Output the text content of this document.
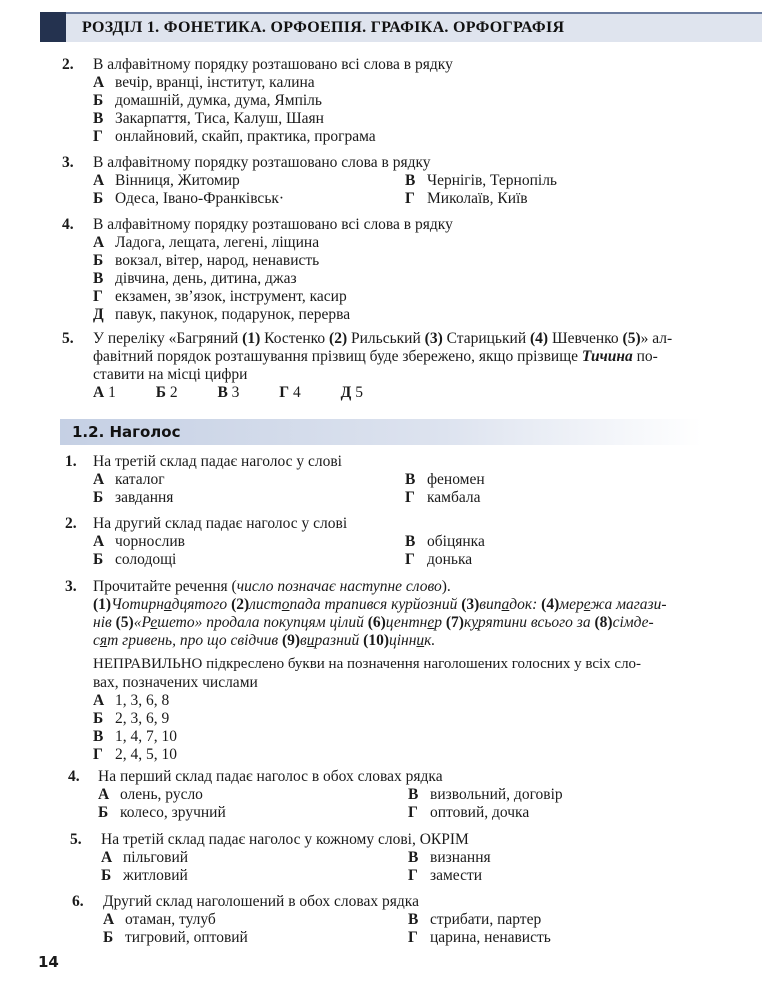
РОЗДІЛ 1. ФОНЕТИКА. ОРФОЕПІЯ. ГРАФІКА. ОРФОГРАФІЯ
2. В алфавітному порядку розташовано всі слова в рядку
А вечір, вранці, інститут, калина
Б домашній, думка, дума, Ямпіль
В Закарпаття, Тиса, Калуш, Шаян
Г онлайновий, скайп, практика, програма
3. В алфавітному порядку розташовано слова в рядку
А Вінниця, Житомир	В Чернігів, Тернопіль
Б Одеса, Івано-Франківськ·	Г Миколаїв, Київ
4. В алфавітному порядку розташовано всі слова в рядку
А Ладога, лещата, легені, ліщина
Б вокзал, вітер, народ, ненависть
В дівчина, день, дитина, джаз
Г екзамен, зв’язок, інструмент, касир
Д павук, пакунок, подарунок, перерва
5. У переліку «Багряний (1) Костенко (2) Рильський (3) Старицький (4) Шевченко (5)» ал-
фавітний порядок розташування прізвищ буде збережено, якщо прізвище Тичина по-
ставити на місці цифри
А 1	Б 2	В 3	Г 4	Д 5
1.2. Наголос
1. На третій склад падає наголос у слові
А каталог	В феномен
Б завдання	Г камбала
2. На другий склад падає наголос у слові
А чорнослив	В обіцянка
Б солодощі	Г донька
3. Прочитайте речення (число позначає наступне слово).
(1)Чотирнадцятого (2)листопада трапився курйозний (3)випадок: (4)мережа магази-
нів (5)«Решето» продала покупцям цілий (6)центнер (7)курятини всього за (8)сімде-
сят гривень, про що свідчив (9)виразний (10)цінник.
НЕПРАВИЛЬНО підкреслено букви на позначення наголошених голосних у всіх сло-
вах, позначених числами
А 1, 3, 6, 8
Б 2, 3, 6, 9
В 1, 4, 7, 10
Г 2, 4, 5, 10
4. На перший склад падає наголос в обох словах рядка
А олень, русло	В визвольний, договір
Б колесо, зручний	Г оптовий, дочка
5. На третій склад падає наголос у кожному слові, ОКРІМ
А пільговий	В визнання
Б житловий	Г замести
6. Другий склад наголошений в обох словах рядка
А отаман, тулуб	В стрибати, партер
Б тигровий, оптовий	Г царина, ненависть
14
